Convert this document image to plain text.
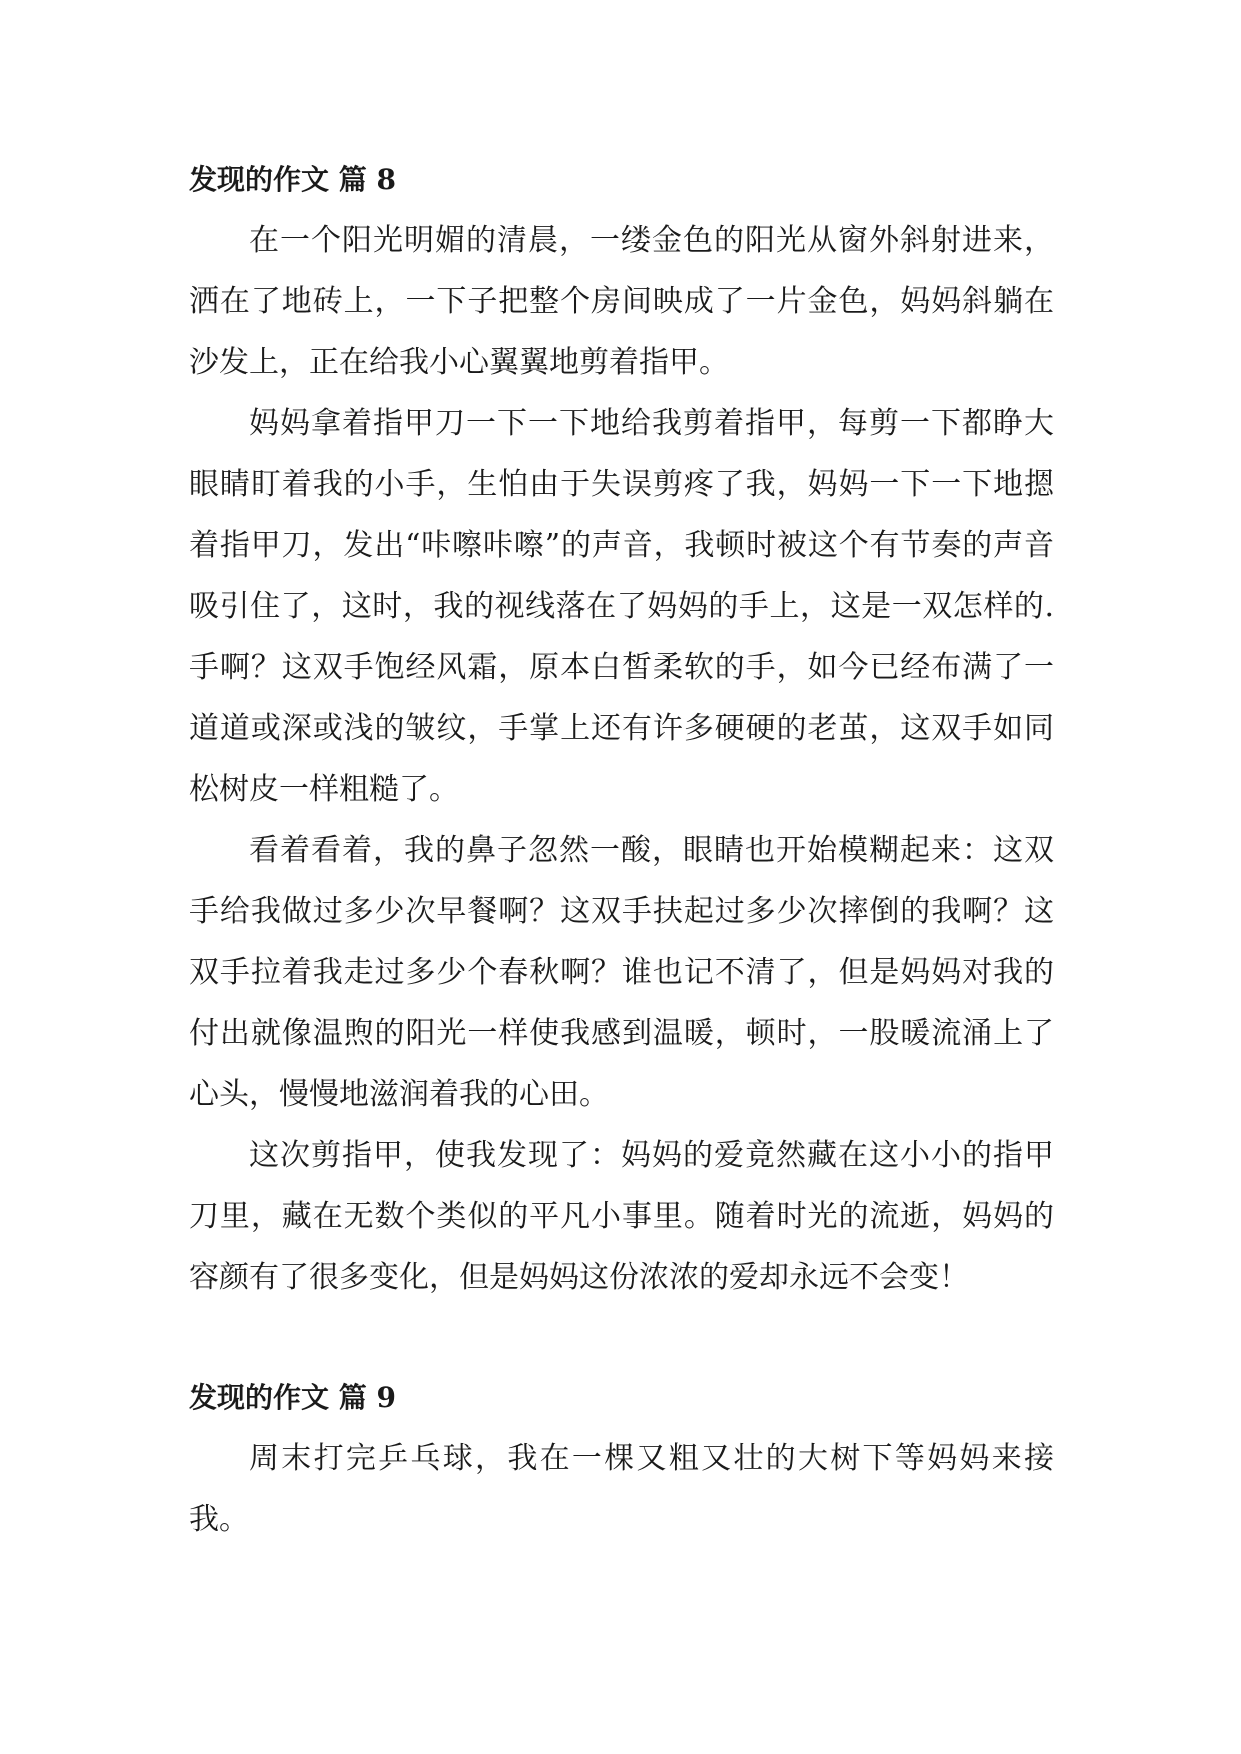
发现的作文 篇 8

在一个阳光明媚的清晨，一缕金色的阳光从窗外斜射进来，洒在了地砖上，一下子把整个房间映成了一片金色，妈妈斜躺在沙发上，正在给我小心翼翼地剪着指甲。

妈妈拿着指甲刀一下一下地给我剪着指甲，每剪一下都睁大眼睛盯着我的小手，生怕由于失误剪疼了我，妈妈一下一下地摁着指甲刀，发出“咔嚓咔嚓”的声音，我顿时被这个有节奏的声音吸引住了，这时，我的视线落在了妈妈的手上，这是一双怎样的.手啊？这双手饱经风霜，原本白皙柔软的手，如今已经布满了一道道或深或浅的皱纹，手掌上还有许多硬硬的老茧，这双手如同松树皮一样粗糙了。

看着看着，我的鼻子忽然一酸，眼睛也开始模糊起来：这双手给我做过多少次早餐啊？这双手扶起过多少次摔倒的我啊？这双手拉着我走过多少个春秋啊？谁也记不清了，但是妈妈对我的付出就像温煦的阳光一样使我感到温暖，顿时，一股暖流涌上了心头，慢慢地滋润着我的心田。

这次剪指甲，使我发现了：妈妈的爱竟然藏在这小小的指甲刀里，藏在无数个类似的平凡小事里。随着时光的流逝，妈妈的容颜有了很多变化，但是妈妈这份浓浓的爱却永远不会变！

发现的作文 篇 9

周末打完乒乓球，我在一棵又粗又壮的大树下等妈妈来接我。
